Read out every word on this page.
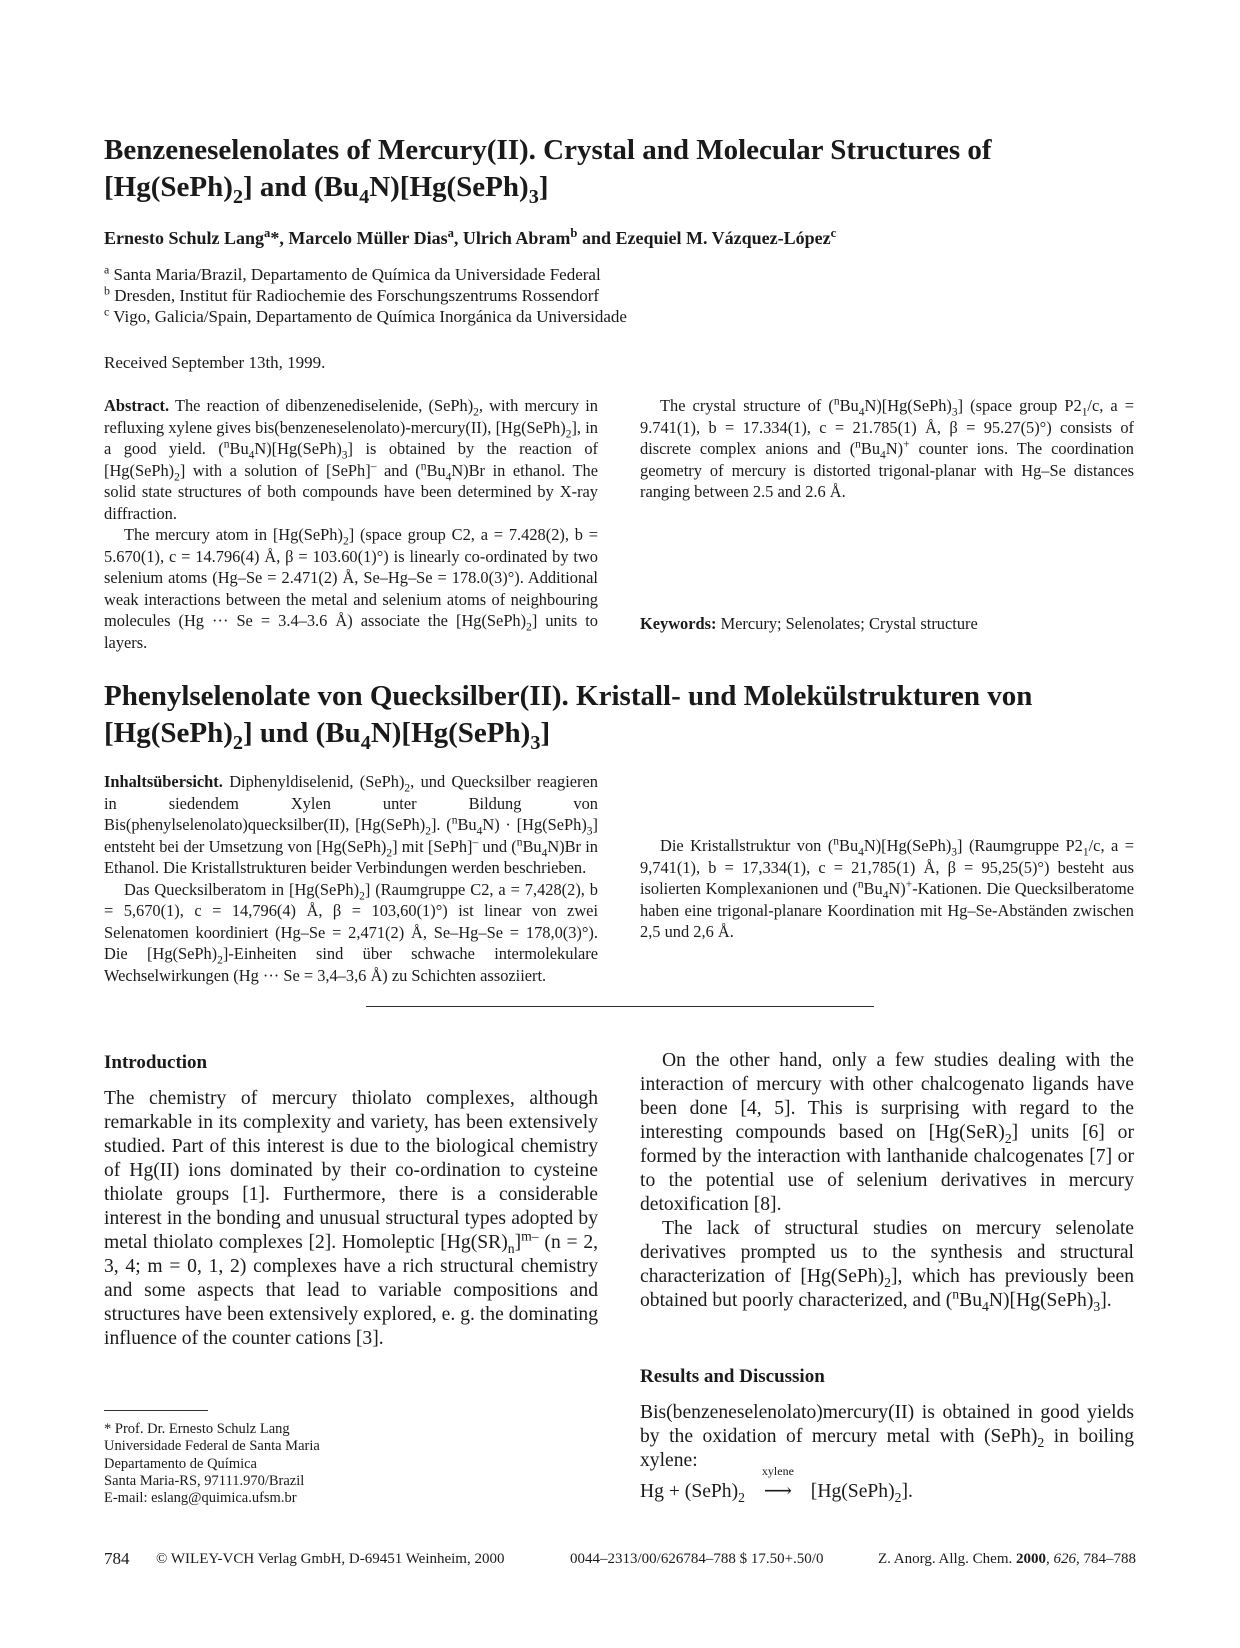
Benzeneselenolates of Mercury(II). Crystal and Molecular Structures of
$[Hg(SePh)_2]$ and $(Bu_4N)[Hg(SePh)_3]$
Ernesto Schulz Lang$^a$*, Marcelo Müller Dias$^a$, Ulrich Abram$^b$ and Ezequiel M. Vázquez-López$^c$
$^a$ Santa Maria/Brazil, Departamento de Química da Universidade Federal
$^b$ Dresden, Institut für Radiochemie des Forschungszentrums Rossendorf
$^c$ Vigo, Galicia/Spain, Departamento de Química Inorgánica da Universidade
Received September 13th, 1999.

Abstract. The reaction of dibenzenediselenide, $(SePh)_2$, with mercury in refluxing xylene gives bis(benzeneselenolato)-mercury(II), $[Hg(SePh)_2]$, in a good yield. $(^nBu_4N)[Hg(SePh)_3]$ is obtained by the reaction of $[Hg(SePh)_2]$ with a solution of [SePh]– and $(^nBu_4N)Br$ in ethanol. The solid state structures of both compounds have been determined by X-ray diffraction.

The mercury atom in $[Hg(SePh)_2]$ (space group C2, a = 7.428(2), b = 5.670(1), c = 14.796(4) Å, β = 103.60(1)°) is linearly co-ordinated by two selenium atoms (Hg–Se = 2.471(2) Å, Se–Hg–Se = 178.0(3)°). Additional weak interactions between the metal and selenium atoms of neighbouring molecules (Hg ··· Se = 3.4–3.6 Å) associate the $[Hg(SePh)_2]$ units to layers.

The crystal structure of $(^nBu_4N)[Hg(SePh)_3]$ (space group $P2_1/c$, a = 9.741(1), b = 17.334(1), c = 21.785(1) Å, β = 95.27(5)°) consists of discrete complex anions and $(^nBu_4N)^+$ counter ions. The coordination geometry of mercury is distorted trigonal-planar with Hg–Se distances ranging between 2.5 and 2.6 Å.

Keywords: Mercury; Selenolates; Crystal structure
Phenylselenolate von Quecksilber(II). Kristall- und Molekülstrukturen von
$[Hg(SePh)_2]$ und $(Bu_4N)[Hg(SePh)_3]$

Inhaltsübersicht. Diphenyldiselenid, $(SePh)_2$, und Quecksilber reagieren in siedendem Xylen unter Bildung von Bis(phenylselenolato)quecksilber(II), $[Hg(SePh)_2]$. $(^nBu_4N)$ · $[Hg(SePh)_3]$ entsteht bei der Umsetzung von $[Hg(SePh)_2]$ mit [SePh]– und $(^nBu_4N)Br$ in Ethanol. Die Kristallstrukturen beider Verbindungen werden beschrieben.

Das Quecksilberatom in $[Hg(SePh)_2]$ (Raumgruppe C2, a = 7,428(2), b = 5,670(1), c = 14,796(4) Å, β = 103,60(1)°) ist linear von zwei Selenatomen koordiniert (Hg–Se = 2,471(2) Å, Se–Hg–Se = 178,0(3)°). Die $[Hg(SePh)_2]$-Einheiten sind über schwache intermolekulare Wechselwirkungen (Hg ··· Se = 3,4–3,6 Å) zu Schichten assoziiert.

Die Kristallstruktur von $(^nBu_4N)[Hg(SePh)_3]$ (Raumgruppe $P2_1/c$, a = 9,741(1), b = 17,334(1), c = 21,785(1) Å, β = 95,25(5)°) besteht aus isolierten Komplexanionen und $(^nBu_4N)^+$-Kationen. Die Quecksilberatome haben eine trigonal-planare Koordination mit Hg–Se-Abständen zwischen 2,5 und 2,6 Å.

Introduction

The chemistry of mercury thiolato complexes, although remarkable in its complexity and variety, has been extensively studied. Part of this interest is due to the biological chemistry of Hg(II) ions dominated by their co-ordination to cysteine thiolate groups [1]. Furthermore, there is a considerable interest in the bonding and unusual structural types adopted by metal thiolato complexes [2]. Homoleptic $[Hg(SR)_n]^{m-}$ (n = 2, 3, 4; m = 0, 1, 2) complexes have a rich structural chemistry and some aspects that lead to variable compositions and structures have been extensively explored, e. g. the dominating influence of the counter cations [3].

* Prof. Dr. Ernesto Schulz Lang
Universidade Federal de Santa Maria
Departamento de Química
Santa Maria-RS, 97111.970/Brazil
E-mail: eslang@quimica.ufsm.br

On the other hand, only a few studies dealing with the interaction of mercury with other chalcogenato ligands have been done [4, 5]. This is surprising with regard to the interesting compounds based on $[Hg(SeR)_2]$ units [6] or formed by the interaction with lanthanide chalcogenates [7] or to the potential use of selenium derivatives in mercury detoxification [8].

The lack of structural studies on mercury selenolate derivatives prompted us to the synthesis and structural characterization of $[Hg(SePh)_2]$, which has previously been obtained but poorly characterized, and $(^nBu_4N)[Hg(SePh)_3]$.

Results and Discussion

Bis(benzeneselenolato)mercury(II) is obtained in good yields by the oxidation of mercury metal with $(SePh)_2$ in boiling xylene:

$Hg + (SePh)_2$
xylene
⟶ $[Hg(SePh)_2]$.
784 © WILEY-VCH Verlag GmbH, D-69451 Weinheim, 2000	0044–2313/00/626784–788 $ 17.50+.50/0	Z. Anorg. Allg. Chem. 2000, 626, 784–788
